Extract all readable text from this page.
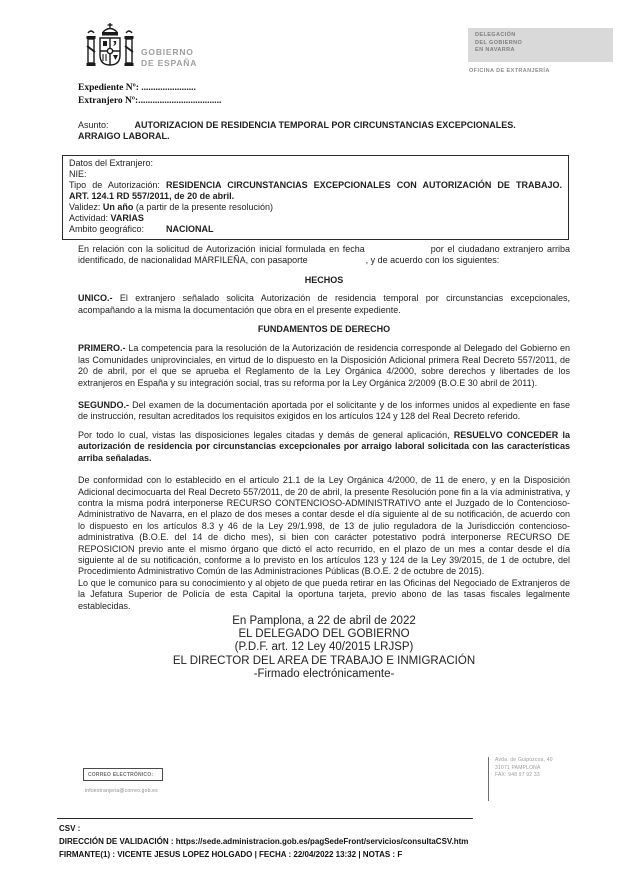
GOBIERNO
DE ESPAÑA
DELEGACIÓN
DEL GOBIERNO
EN NAVARRA
OFICINA DE EXTRANJERÍA
Expediente Nº: .......................
Extranjero Nº:...................................
Asunto:	AUTORIZACION DE RESIDENCIA TEMPORAL POR CIRCUNSTANCIAS EXCEPCIONALES.
ARRAIGO LABORAL.
Datos del Extranjero:
NIE:
Tipo de Autorización: RESIDENCIA CIRCUNSTANCIAS EXCEPCIONALES CON AUTORIZACIÓN DE TRABAJO.
ART. 124.1 RD 557/2011, de 20 de abril.
Validez: Un año (a partir de la presente resolución)
Actividad: VARIAS
Ambito geográfico: NACIONAL

En relación con la solicitud de Autorización inicial formulada en fecha	por el ciudadano extranjero arriba identificado, de nacionalidad MARFILEÑA, con pasaporte	, y de acuerdo con los siguientes:

HECHOS

UNICO.- El extranjero señalado solicita Autorización de residencia temporal por circunstancias excepcionales, acompañando a la misma la documentación que obra en el presente expediente.

FUNDAMENTOS DE DERECHO

PRIMERO.- La competencia para la resolución de la Autorización de residencia corresponde al Delegado del Gobierno en las Comunidades uniprovinciales, en virtud de lo dispuesto en la Disposición Adicional primera Real Decreto 557/2011, de 20 de abril, por el que se aprueba el Reglamento de la Ley Orgánica 4/2000, sobre derechos y libertades de los extranjeros en España y su integración social, tras su reforma por la Ley Orgánica 2/2009 (B.O.E 30 abril de 2011).

SEGUNDO.- Del examen de la documentación aportada por el solicitante y de los informes unidos al expediente en fase de instrucción, resultan acreditados los requisitos exigidos en los artículos 124 y 128 del Real Decreto referido.

Por todo lo cual, vistas las disposiciones legales citadas y demás de general aplicación, RESUELVO CONCEDER la autorización de residencia por circunstancias excepcionales por arraigo laboral solicitada con las características arriba señaladas.

De conformidad con lo establecido en el artículo 21.1 de la Ley Orgánica 4/2000, de 11 de enero, y en la Disposición Adicional decimocuarta del Real Decreto 557/2011, de 20 de abril, la presente Resolución pone fin a la vía administrativa, y contra la misma podrá interponerse RECURSO CONTENCIOSO-ADMINISTRATIVO ante el Juzgado de lo Contencioso-Administrativo de Navarra, en el plazo de dos meses a contar desde el día siguiente al de su notificación, de acuerdo con lo dispuesto en los artículos 8.3 y 46 de la Ley 29/1.998, de 13 de julio reguladora de la Jurisdicción contencioso-administrativa (B.O.E. del 14 de dicho mes), si bien con carácter potestativo podrá interponerse RECURSO DE REPOSICION previo ante el mismo órgano que dictó el acto recurrido, en el plazo de un mes a contar desde el día siguiente al de su notificación, conforme a lo previsto en los artículos 123 y 124 de la Ley 39/2015, de 1 de octubre, del Procedimiento Administrativo Común de las Administraciones Públicas (B.O.E. 2 de octubre de 2015).

Lo que le comunico para su conocimiento y al objeto de que pueda retirar en las Oficinas del Negociado de Extranjeros de la Jefatura Superior de Policía de esta Capital la oportuna tarjeta, previo abono de las tasas fiscales legalmente establecidas.

En Pamplona, a 22 de abril de 2022
EL DELEGADO DEL GOBIERNO
(P.D.F. art. 12 Ley 40/2015 LRJSP)
EL DIRECTOR DEL AREA DE TRABAJO E INMIGRACIÓN
-Firmado electrónicamente-
CORREO ELECTRÓNICO:
infoextranjeria@correo.gob.es
Avda. de Guipúzcoa, 40
31071 PAMPLONA
FAX: 948 97 92 33
CSV :
DIRECCIÓN DE VALIDACIÓN : https://sede.administracion.gob.es/pagSedeFront/servicios/consultaCSV.htm
FIRMANTE(1) : VICENTE JESUS LOPEZ HOLGADO | FECHA : 22/04/2022 13:32 | NOTAS : F
